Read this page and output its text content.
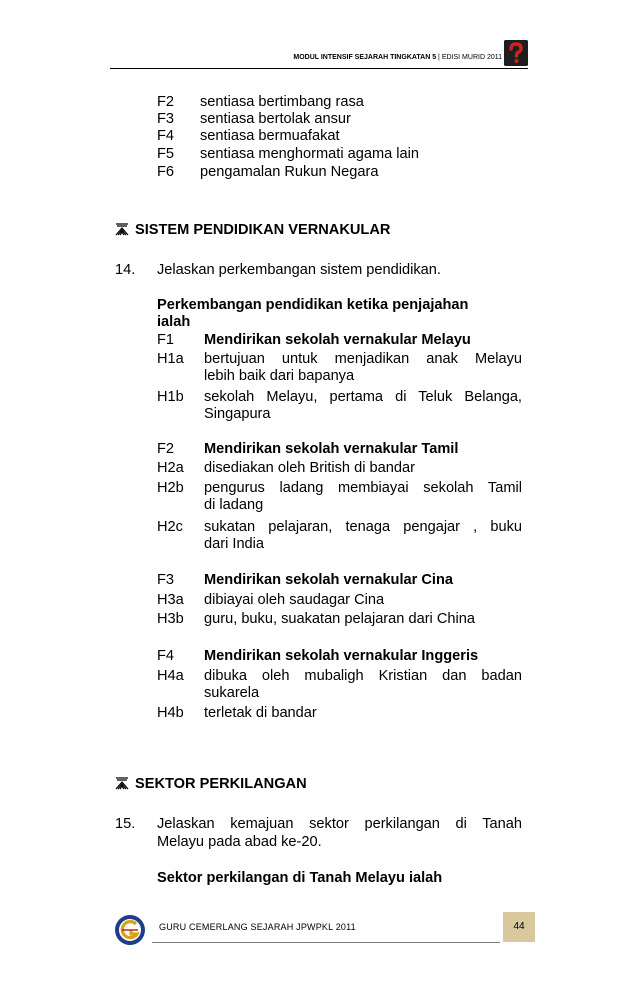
MODUL INTENSIF SEJARAH TINGKATAN 5 | EDISI MURID 2011
F2 sentiasa bertimbang rasa
F3 sentiasa bertolak ansur
F4 sentiasa bermuafakat
F5 sentiasa menghormati agama lain
F6 pengamalan Rukun Negara
SISTEM PENDIDIKAN VERNAKULAR
14. Jelaskan perkembangan sistem pendidikan.
Perkembangan pendidikan ketika penjajahan
ialah
F1 Mendirikan sekolah vernakular Melayu
H1a bertujuan untuk menjadikan anak Melayu
lebih baik dari bapanya
H1b sekolah Melayu, pertama di Teluk Belanga,
Singapura
F2 Mendirikan sekolah vernakular Tamil
H2a disediakan oleh British di bandar
H2b pengurus ladang membiayai sekolah Tamil
di ladang
H2c sukatan pelajaran, tenaga pengajar , buku
dari India
F3 Mendirikan sekolah vernakular Cina
H3a dibiayai oleh saudagar Cina
H3b guru, buku, suakatan pelajaran dari China
F4 Mendirikan sekolah vernakular Inggeris
H4a dibuka oleh mubaligh Kristian dan badan
sukarela
H4b terletak di bandar
SEKTOR PERKILANGAN
15. Jelaskan kemajuan sektor perkilangan di Tanah
Melayu pada abad ke-20.
Sektor perkilangan di Tanah Melayu ialah
GURU CEMERLANG SEJARAH JPWPKL 2011	44
